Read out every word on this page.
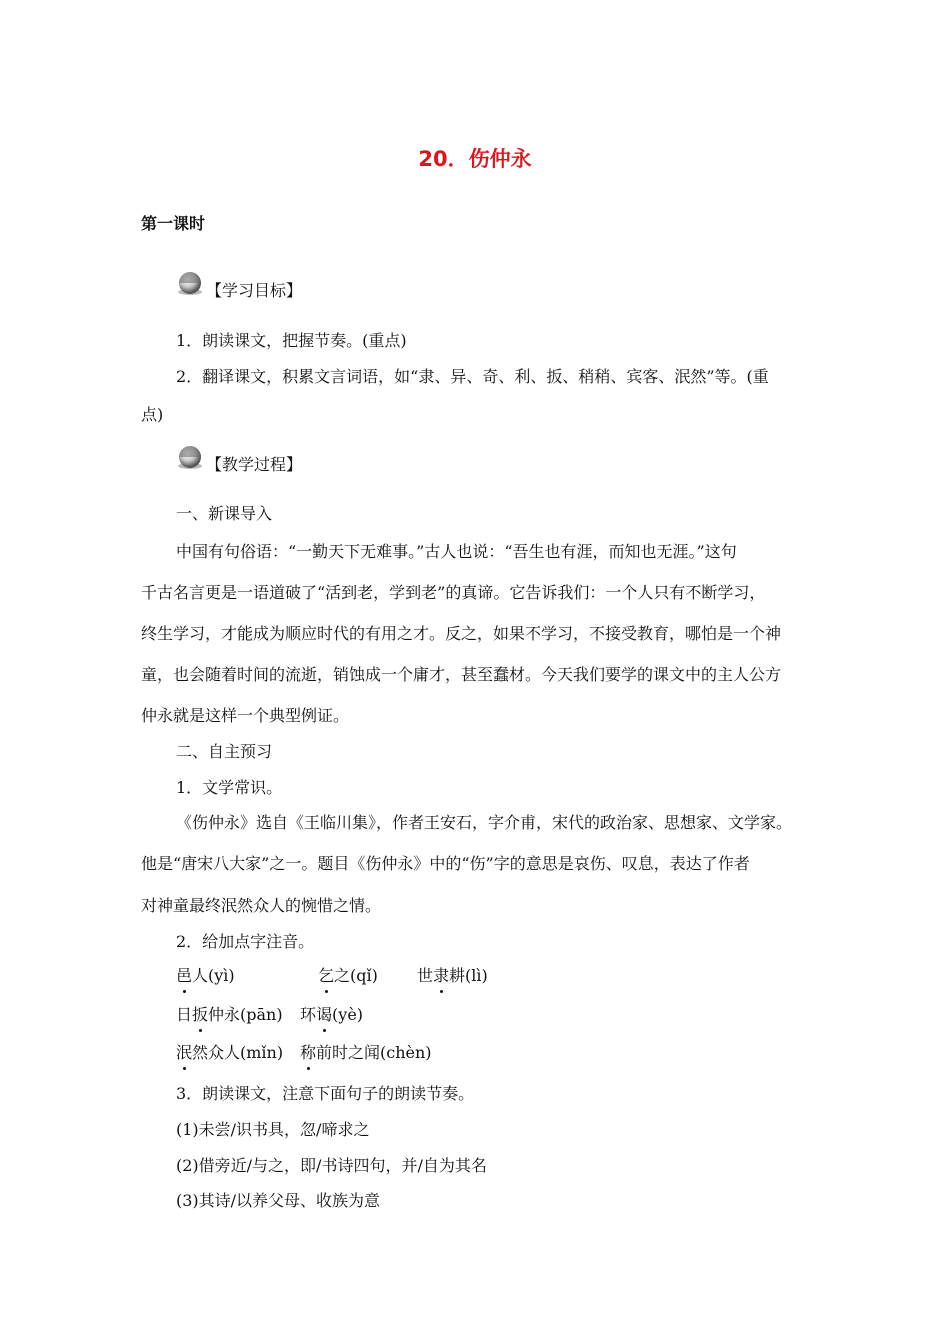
20．伤仲永
第一课时
【学习目标】
1．朗读课文，把握节奏。(重点)
2．翻译课文，积累文言词语，如“隶、异、奇、利、扳、稍稍、宾客、泯然”等。(重
点)
【教学过程】
一、新课导入
中国有句俗语：“一勤天下无难事。”古人也说：“吾生也有涯，而知也无涯。”这句
千古名言更是一语道破了“活到老，学到老”的真谛。它告诉我们：一个人只有不断学习，
终生学习，才能成为顺应时代的有用之才。反之，如果不学习，不接受教育，哪怕是一个神
童，也会随着时间的流逝，销蚀成一个庸才，甚至蠢材。今天我们要学的课文中的主人公方
仲永就是这样一个典型例证。
二、自主预习
1．文学常识。
《伤仲永》选自《王临川集》，作者王安石，字介甫，宋代的政治家、思想家、文学家。
他是“唐宋八大家”之一。题目《伤仲永》中的“伤”字的意思是哀伤、叹息，表达了作者
对神童最终泯然众人的惋惜之情。
2．给加点字注音。
邑人(yì)	乞之(qǐ) 世隶耕(lì)
日扳仲永(pān) 环谒(yè)
泯然众人(mǐn) 称前时之闻(chèn)
3．朗读课文，注意下面句子的朗读节奏。
(1)未尝/识书具，忽/啼求之
(2)借旁近/与之，即/书诗四句，并/自为其名
(3)其诗/以养父母、收族为意
